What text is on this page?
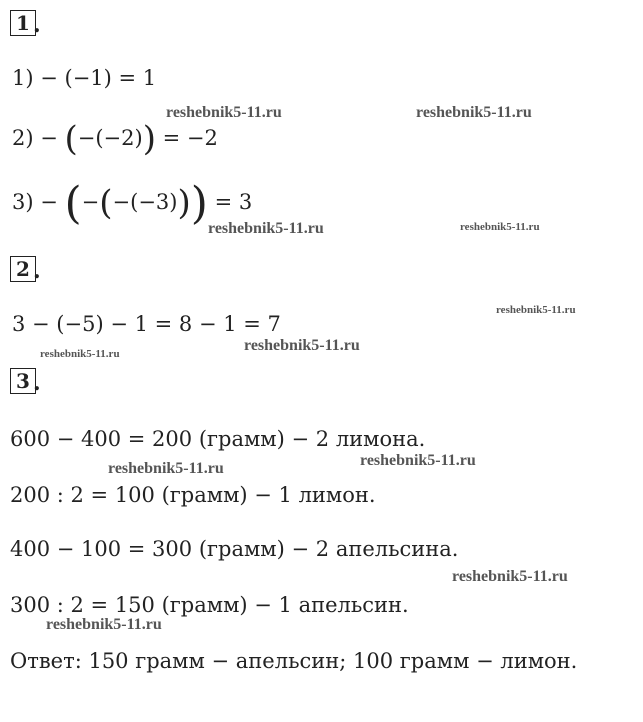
1 .
1) − (−1) = 1
2) − (−(−2)) = −2
3) − (−(−(−3))) = 3
2 .
3 − (−5) − 1 = 8 − 1 = 7
3 .
600 − 400 = 200 (грамм) − 2 лимона.
200 : 2 = 100 (грамм) − 1 лимон.
400 − 100 = 300 (грамм) − 2 апельсина.
300 : 2 = 150 (грамм) − 1 апельсин.
Ответ: 150 грамм − апельсин; 100 грамм − лимон.
reshebnik5-11.ru	reshebnik5-11.ru
reshebnik5-11.ru	reshebnik5-11.ru
reshebnik5-11.ru
reshebnik5-11.ru
reshebnik5-11.ru
reshebnik5-11.ru	reshebnik5-11.ru
reshebnik5-11.ru
reshebnik5-11.ru
